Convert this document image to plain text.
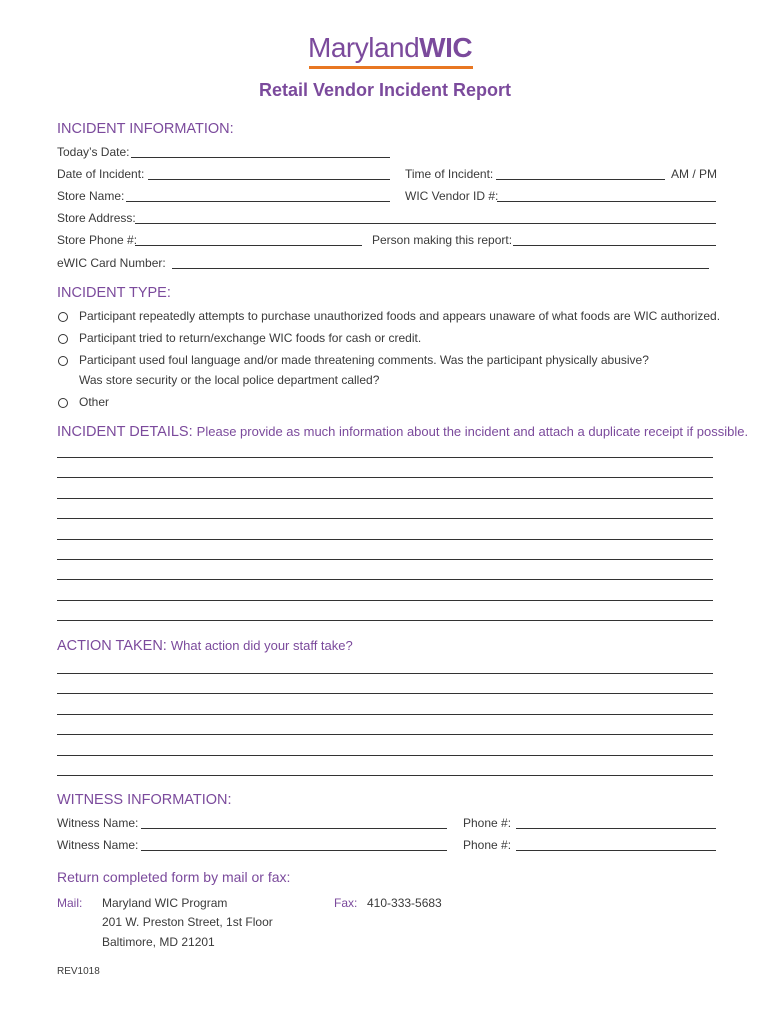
MarylandWIC
Retail Vendor Incident Report
INCIDENT INFORMATION:
Today’s Date:
Date of Incident:	Time of Incident:	AM / PM
Store Name:	WIC Vendor ID #:
Store Address:
Store Phone #:	Person making this report:
eWIC Card Number:
INCIDENT TYPE:
Participant repeatedly attempts to purchase unauthorized foods and appears unaware of what foods are WIC authorized.
Participant tried to return/exchange WIC foods for cash or credit.
Participant used foul language and/or made threatening comments. Was the participant physically abusive?
Was store security or the local police department called?
Other
INCIDENT DETAILS: Please provide as much information about the incident and attach a duplicate receipt if possible.
ACTION TAKEN: What action did your staff take?
WITNESS INFORMATION:
Witness Name:	Phone #:
Witness Name:	Phone #:
Return completed form by mail or fax:
Mail: Maryland WIC Program
201 W. Preston Street, 1st Floor
Baltimore, MD 21201
Fax: 410-333-5683
REV1018
